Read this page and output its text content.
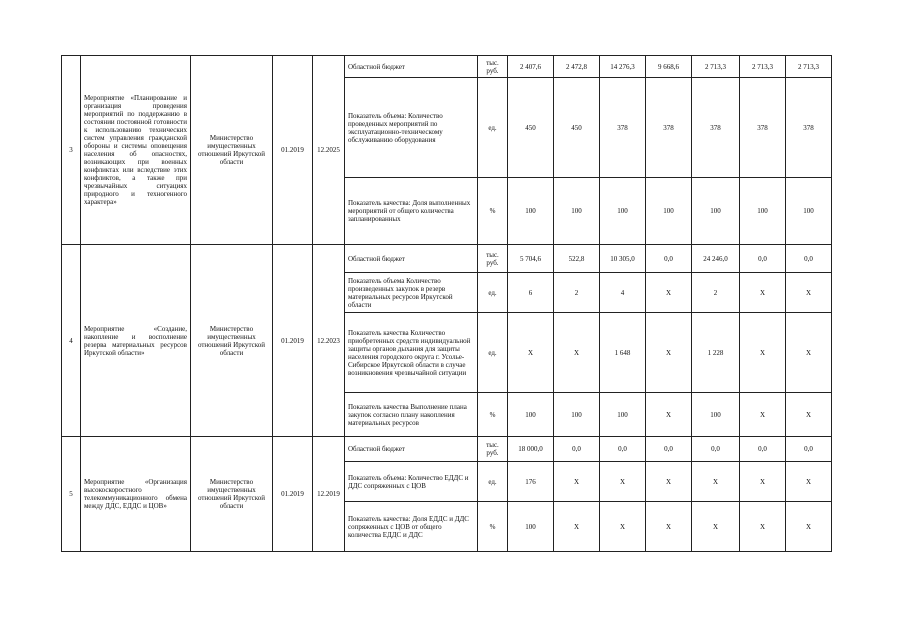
3	Мероприятие «Планирование и организация проведения мероприятий по поддержанию в состоянии постоянной готовности к использованию технических систем управления гражданской обороны и системы оповещения населения об опасностях, возникающих при военных конфликтах или вследствие этих конфликтов, а также при чрезвычайных ситуациях природного и техногенного характера»	Министерство имущественных отношений Иркутской области	01.2019	12.2025	Областной бюджет	тыс. руб.	2 407,6	2 472,8	14 276,3	9 668,6	2 713,3	2 713,3	2 713,3
					Показатель объема: Количество проведенных мероприятий по эксплуатационно-техническому обслуживанию оборудования	ед.	450	450	378	378	378	378	378
					Показатель качества: Доля выполненных мероприятий от общего количества запланированных	%	100	100	100	100	100	100	100
4	Мероприятие «Создание, накопление и восполнение резерва материальных ресурсов Иркутской области»	Министерство имущественных отношений Иркутской области	01.2019	12.2023	Областной бюджет	тыс. руб.	5 704,6	522,8	10 305,0	0,0	24 246,0	0,0	0,0
					Показатель объема Количество произведенных закупок в резерв материальных ресурсов Иркутской области	ед.	6	2	4	Х	2	Х	Х
					Показатель качества Количество приобретенных средств индивидуальной защиты органов дыхания для защиты населения городского округа г. Усолье-Сибирское Иркутской области в случае возникновения чрезвычайной ситуации	ед.	Х	Х	1 648	Х	1 228	Х	Х
					Показатель качества Выполнение плана закупок согласно плану накопления материальных ресурсов	%	100	100	100	Х	100	Х	Х
5	Мероприятие «Организация высокоскоростного телекоммуникационного обмена между ДДС, ЕДДС и ЦОВ»	Министерство имущественных отношений Иркутской области	01.2019	12.2019	Областной бюджет	тыс. руб.	18 000,0	0,0	0,0	0,0	0,0	0,0	0,0
					Показатель объема: Количество ЕДДС и ДДС сопряженных с ЦОВ	ед.	176	Х	Х	Х	Х	Х	Х
					Показатель качества: Доля ЕДДС и ДДС сопряженных с ЦОВ от общего количества ЕДДС и ДДС	%	100	Х	Х	Х	Х	Х	Х
